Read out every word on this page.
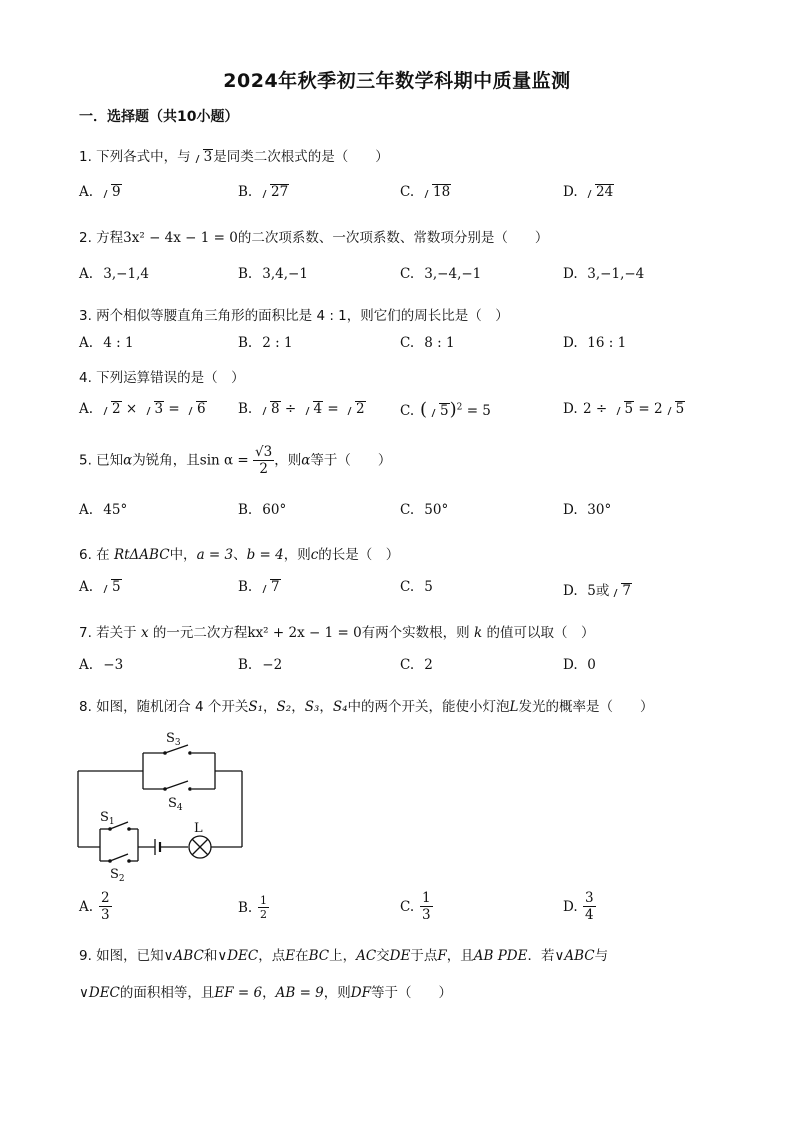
2024年秋季初三年数学科期中质量监测
一．选择题（共10小题）
1. 下列各式中，与 3是同类二次根式的是（　　）
A. 9	B. 27	C. 18	D. 24
2. 方程3x² − 4x − 1 = 0的二次项系数、一次项系数、常数项分别是（　　）
A. 3,−1,4	B. 3,4,−1	C. 3,−4,−1	D. 3,−1,−4
3. 两个相似等腰直角三角形的面积比是 4 : 1，则它们的周长比是（　）
A. 4 : 1	B. 2 : 1	C. 8 : 1	D. 16 : 1
4. 下列运算错误的是（　）
A. 2 × 3 = 6 B. 8 ÷ 4 = 2	C. ( 5)$^2$ = 5	D. 2 ÷ 5 = 2 5
5. 已知α为锐角，且$\sin \alpha = \frac{√3}{2}$ ，则α等于（　　）
A. 45°	B. 60°	C. 50°	D. 30°
6. 在 RtΔABC中，a = 3、b = 4，则c的长是（　）
A. 5	B. 7	C. 5	D. 5或 7
7. 若关于 x 的一元二次方程kx² + 2x − 1 = 0有两个实数根，则 k 的值可以取（　）
A. −3	B. −2	C. 2	D. 0
8. 如图，随机闭合 4 个开关S₁，S₂，S₃，S₄中的两个开关，能使小灯泡L发光的概率是（　　）
$S_3$
$S_4$
$S_1$
$S_2$
L
A. $\frac{2}{3}$	B. $\frac{1}{2}$	C. $\frac{1}{3}$	D. $\frac{3}{4}$
9. 如图，已知∨ABC和∨DEC，点E在BC上，AC交DE于点F，且AB PDE．若∨ABC与
∨DEC的面积相等，且EF = 6，AB = 9，则DF等于（　　）
